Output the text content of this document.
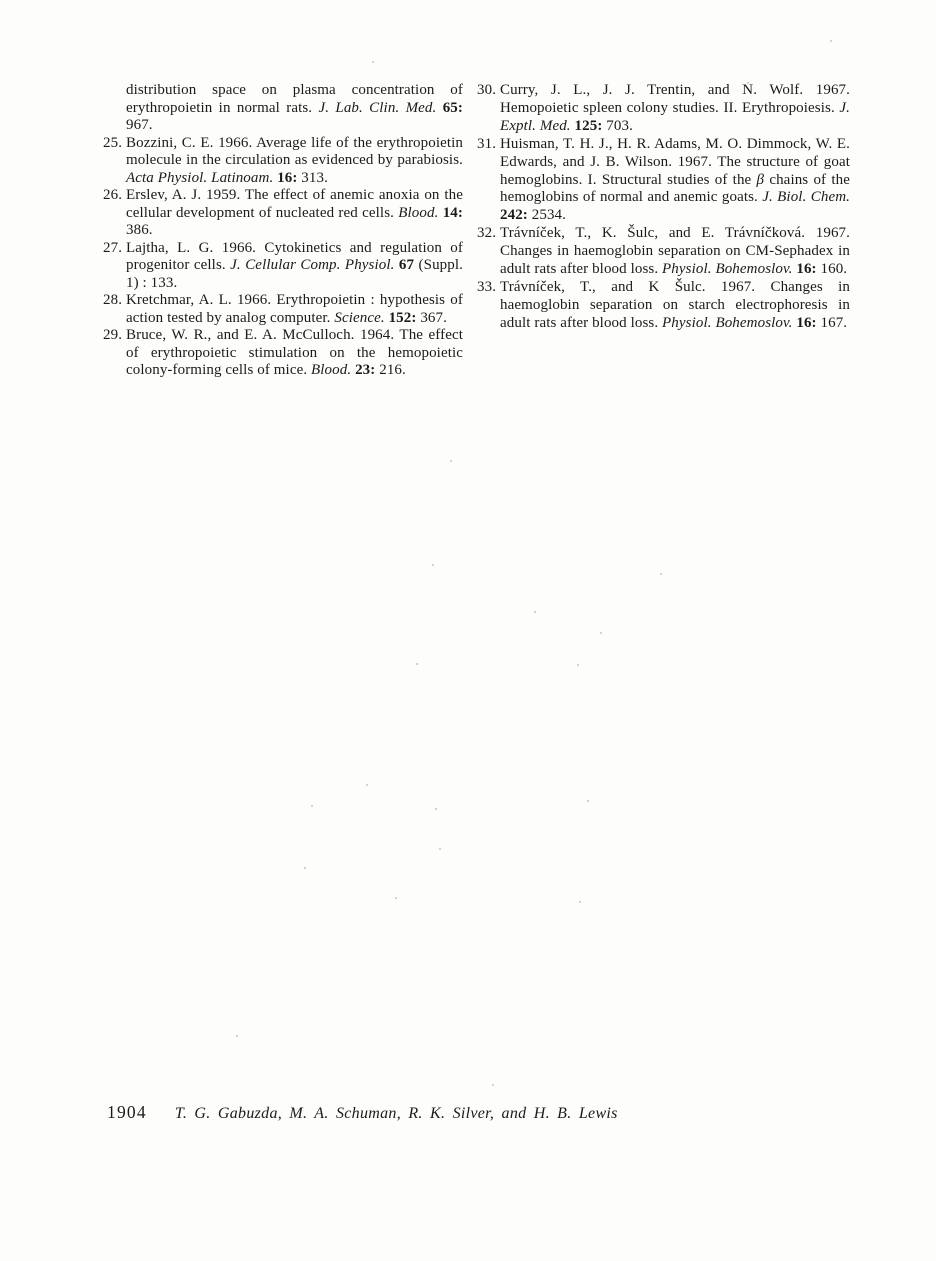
distribution space on plasma concentration of erythropoietin in normal rats. J. Lab. Clin. Med. 65: 967.

25. Bozzini, C. E. 1966. Average life of the erythropoietin molecule in the circulation as evidenced by parabiosis. Acta Physiol. Latinoam. 16: 313.

26. Erslev, A. J. 1959. The effect of anemic anoxia on the cellular development of nucleated red cells. Blood. 14: 386.

27. Lajtha, L. G. 1966. Cytokinetics and regulation of progenitor cells. J. Cellular Comp. Physiol. 67 (Suppl. 1) : 133.

28. Kretchmar, A. L. 1966. Erythropoietin : hypothesis of action tested by analog computer. Science. 152: 367.

29. Bruce, W. R., and E. A. McCulloch. 1964. The effect of erythropoietic stimulation on the hemopoietic colony-forming cells of mice. Blood. 23: 216.

30. Curry, J. L., J. J. Trentin, and N. Wolf. 1967. Hemopoietic spleen colony studies. II. Erythropoiesis. J. Exptl. Med. 125: 703.

31. Huisman, T. H. J., H. R. Adams, M. O. Dimmock, W. E. Edwards, and J. B. Wilson. 1967. The structure of goat hemoglobins. I. Structural studies of the β chains of the hemoglobins of normal and anemic goats. J. Biol. Chem. 242: 2534.

32. Trávníček, T., K. Šulc, and E. Trávníčková. 1967. Changes in haemoglobin separation on CM-Sephadex in adult rats after blood loss. Physiol. Bohemoslov. 16: 160.

33. Trávníček, T., and K Šulc. 1967. Changes in haemoglobin separation on starch electrophoresis in adult rats after blood loss. Physiol. Bohemoslov. 16: 167.

1904 T. G. Gabuzda, M. A. Schuman, R. K. Silver, and H. B. Lewis
